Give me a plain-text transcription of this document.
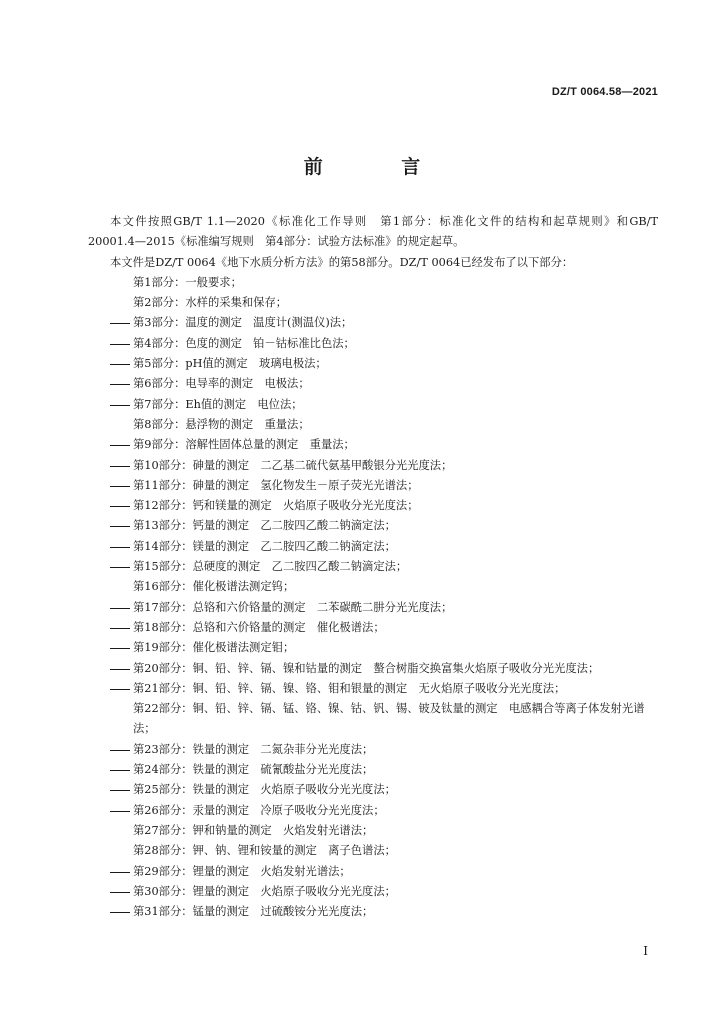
DZ/T 0064.58—2021
前 言

本文件按照GB/T 1.1—2020《标准化工作导则　第1部分：标准化文件的结构和起草规则》和GB/T 20001.4—2015《标准编写规则　第4部分：试验方法标准》的规定起草。

本文件是DZ/T 0064《地下水质分析方法》的第58部分。DZ/T 0064已经发布了以下部分：

第1部分：一般要求；
第2部分：水样的采集和保存；
第3部分：温度的测定　温度计(测温仪)法；
第4部分：色度的测定　铂－钴标准比色法；
第5部分：pH值的测定　玻璃电极法；
第6部分：电导率的测定　电极法；
第7部分：Eh值的测定　电位法；
第8部分：悬浮物的测定　重量法；
第9部分：溶解性固体总量的测定　重量法；
第10部分：砷量的测定　二乙基二硫代氨基甲酸银分光光度法；
第11部分：砷量的测定　氢化物发生－原子荧光光谱法；
第12部分：钙和镁量的测定　火焰原子吸收分光光度法；
第13部分：钙量的测定　乙二胺四乙酸二钠滴定法；
第14部分：镁量的测定　乙二胺四乙酸二钠滴定法；
第15部分：总硬度的测定　乙二胺四乙酸二钠滴定法；
第16部分：催化极谱法测定钨；
第17部分：总铬和六价铬量的测定　二苯碳酰二肼分光光度法；
第18部分：总铬和六价铬量的测定　催化极谱法；
第19部分：催化极谱法测定钼；
第20部分：铜、铅、锌、镉、镍和钴量的测定　螯合树脂交换富集火焰原子吸收分光光度法；
第21部分：铜、铅、锌、镉、镍、铬、钼和银量的测定　无火焰原子吸收分光光度法；
第22部分：铜、铅、锌、镉、锰、铬、镍、钴、钒、锡、铍及钛量的测定　电感耦合等离子体发射光谱法；
第23部分：铁量的测定　二氮杂菲分光光度法；
第24部分：铁量的测定　硫氰酸盐分光光度法；
第25部分：铁量的测定　火焰原子吸收分光光度法；
第26部分：汞量的测定　冷原子吸收分光光度法；
第27部分：钾和钠量的测定　火焰发射光谱法；
第28部分：钾、钠、锂和铵量的测定　离子色谱法；
第29部分：锂量的测定　火焰发射光谱法；
第30部分：锂量的测定　火焰原子吸收分光光度法；
第31部分：锰量的测定　过硫酸铵分光光度法；
I
